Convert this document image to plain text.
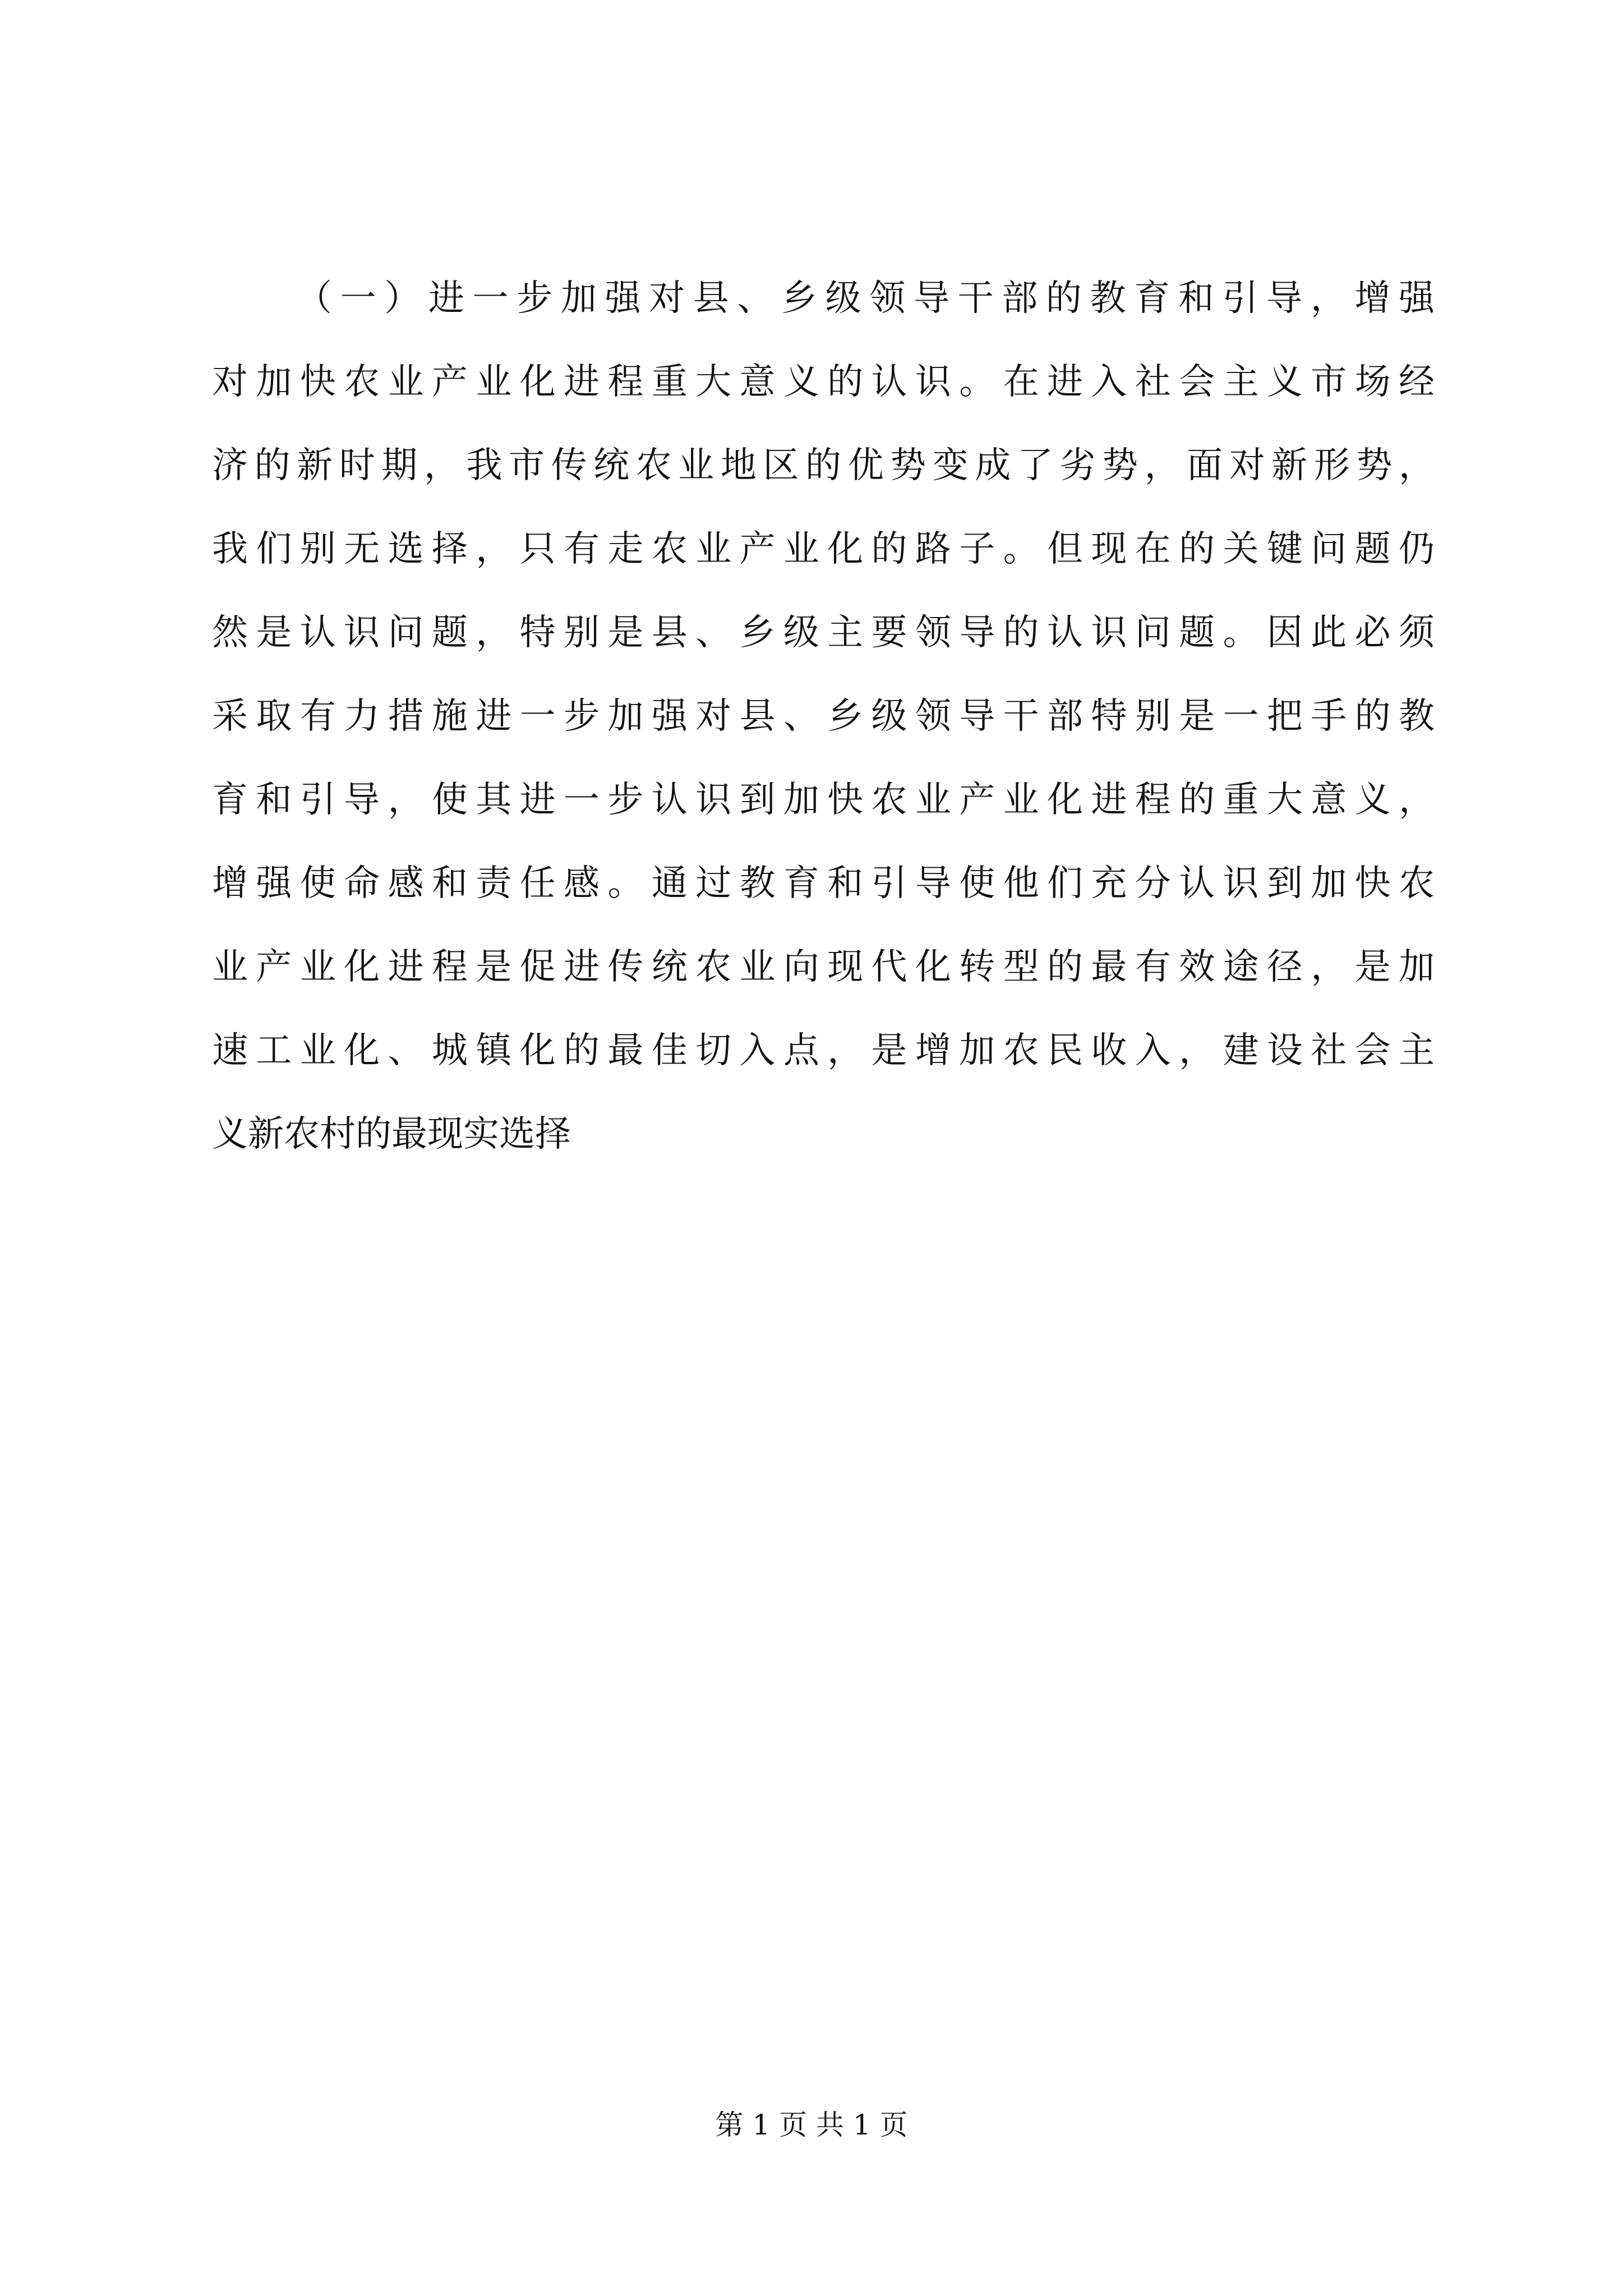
（一）进一步加强对县、乡级领导干部的教育和引导，增强
对加快农业产业化进程重大意义的认识。在进入社会主义市场经
济的新时期，我市传统农业地区的优势变成了劣势，面对新形势，
我们别无选择，只有走农业产业化的路子。但现在的关键问题仍
然是认识问题，特别是县、乡级主要领导的认识问题。因此必须
采取有力措施进一步加强对县、乡级领导干部特别是一把手的教
育和引导，使其进一步认识到加快农业产业化进程的重大意义，
增强使命感和责任感。通过教育和引导使他们充分认识到加快农
业产业化进程是促进传统农业向现代化转型的最有效途径，是加
速工业化、城镇化的最佳切入点，是增加农民收入，建设社会主
义新农村的最现实选择
第 1 页 共 1 页
